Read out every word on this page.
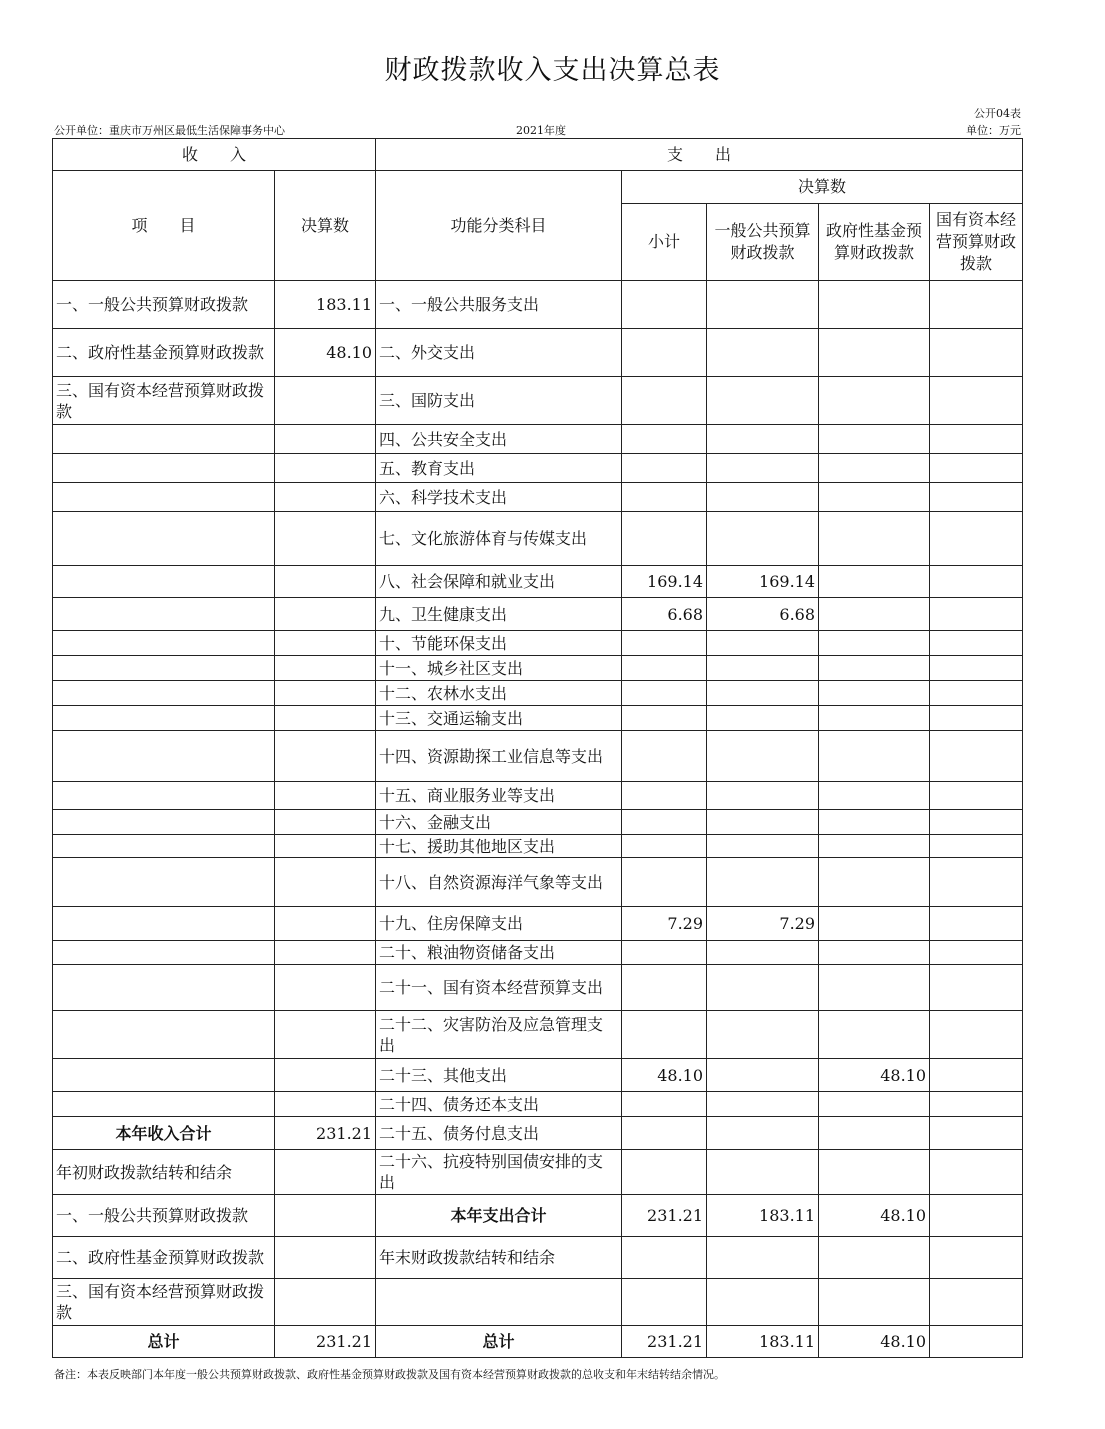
财政拨款收入支出决算总表
公开04表
公开单位：重庆市万州区最低生活保障事务中心	2021年度	单位：万元
收　　入		支　　出				
项　　目	决算数	功能分类科目	决算数			
			小计	一般公共预算财政拨款	政府性基金预算财政拨款	国有资本经营预算财政拨款
一、一般公共预算财政拨款	183.11	一、一般公共服务支出				
二、政府性基金预算财政拨款	48.10	二、外交支出				
三、国有资本经营预算财政拨款		三、国防支出				
		四、公共安全支出				
		五、教育支出				
		六、科学技术支出				
		七、文化旅游体育与传媒支出				
		八、社会保障和就业支出	169.14	169.14		
		九、卫生健康支出	6.68	6.68		
		十、节能环保支出				
		十一、城乡社区支出				
		十二、农林水支出				
		十三、交通运输支出				
		十四、资源勘探工业信息等支出				
		十五、商业服务业等支出				
		十六、金融支出				
		十七、援助其他地区支出				
		十八、自然资源海洋气象等支出				
		十九、住房保障支出	7.29	7.29		
		二十、粮油物资储备支出				
		二十一、国有资本经营预算支出				
		二十二、灾害防治及应急管理支出				
		二十三、其他支出	48.10		48.10	
		二十四、债务还本支出				
本年收入合计	231.21	二十五、债务付息支出				
年初财政拨款结转和结余		二十六、抗疫特别国债安排的支出				
一、一般公共预算财政拨款		本年支出合计	231.21	183.11	48.10	
二、政府性基金预算财政拨款		年末财政拨款结转和结余				
三、国有资本经营预算财政拨款						
总计	231.21	总计	231.21	183.11	48.10	
备注：本表反映部门本年度一般公共预算财政拨款、政府性基金预算财政拨款及国有资本经营预算财政拨款的总收支和年末结转结余情况。
